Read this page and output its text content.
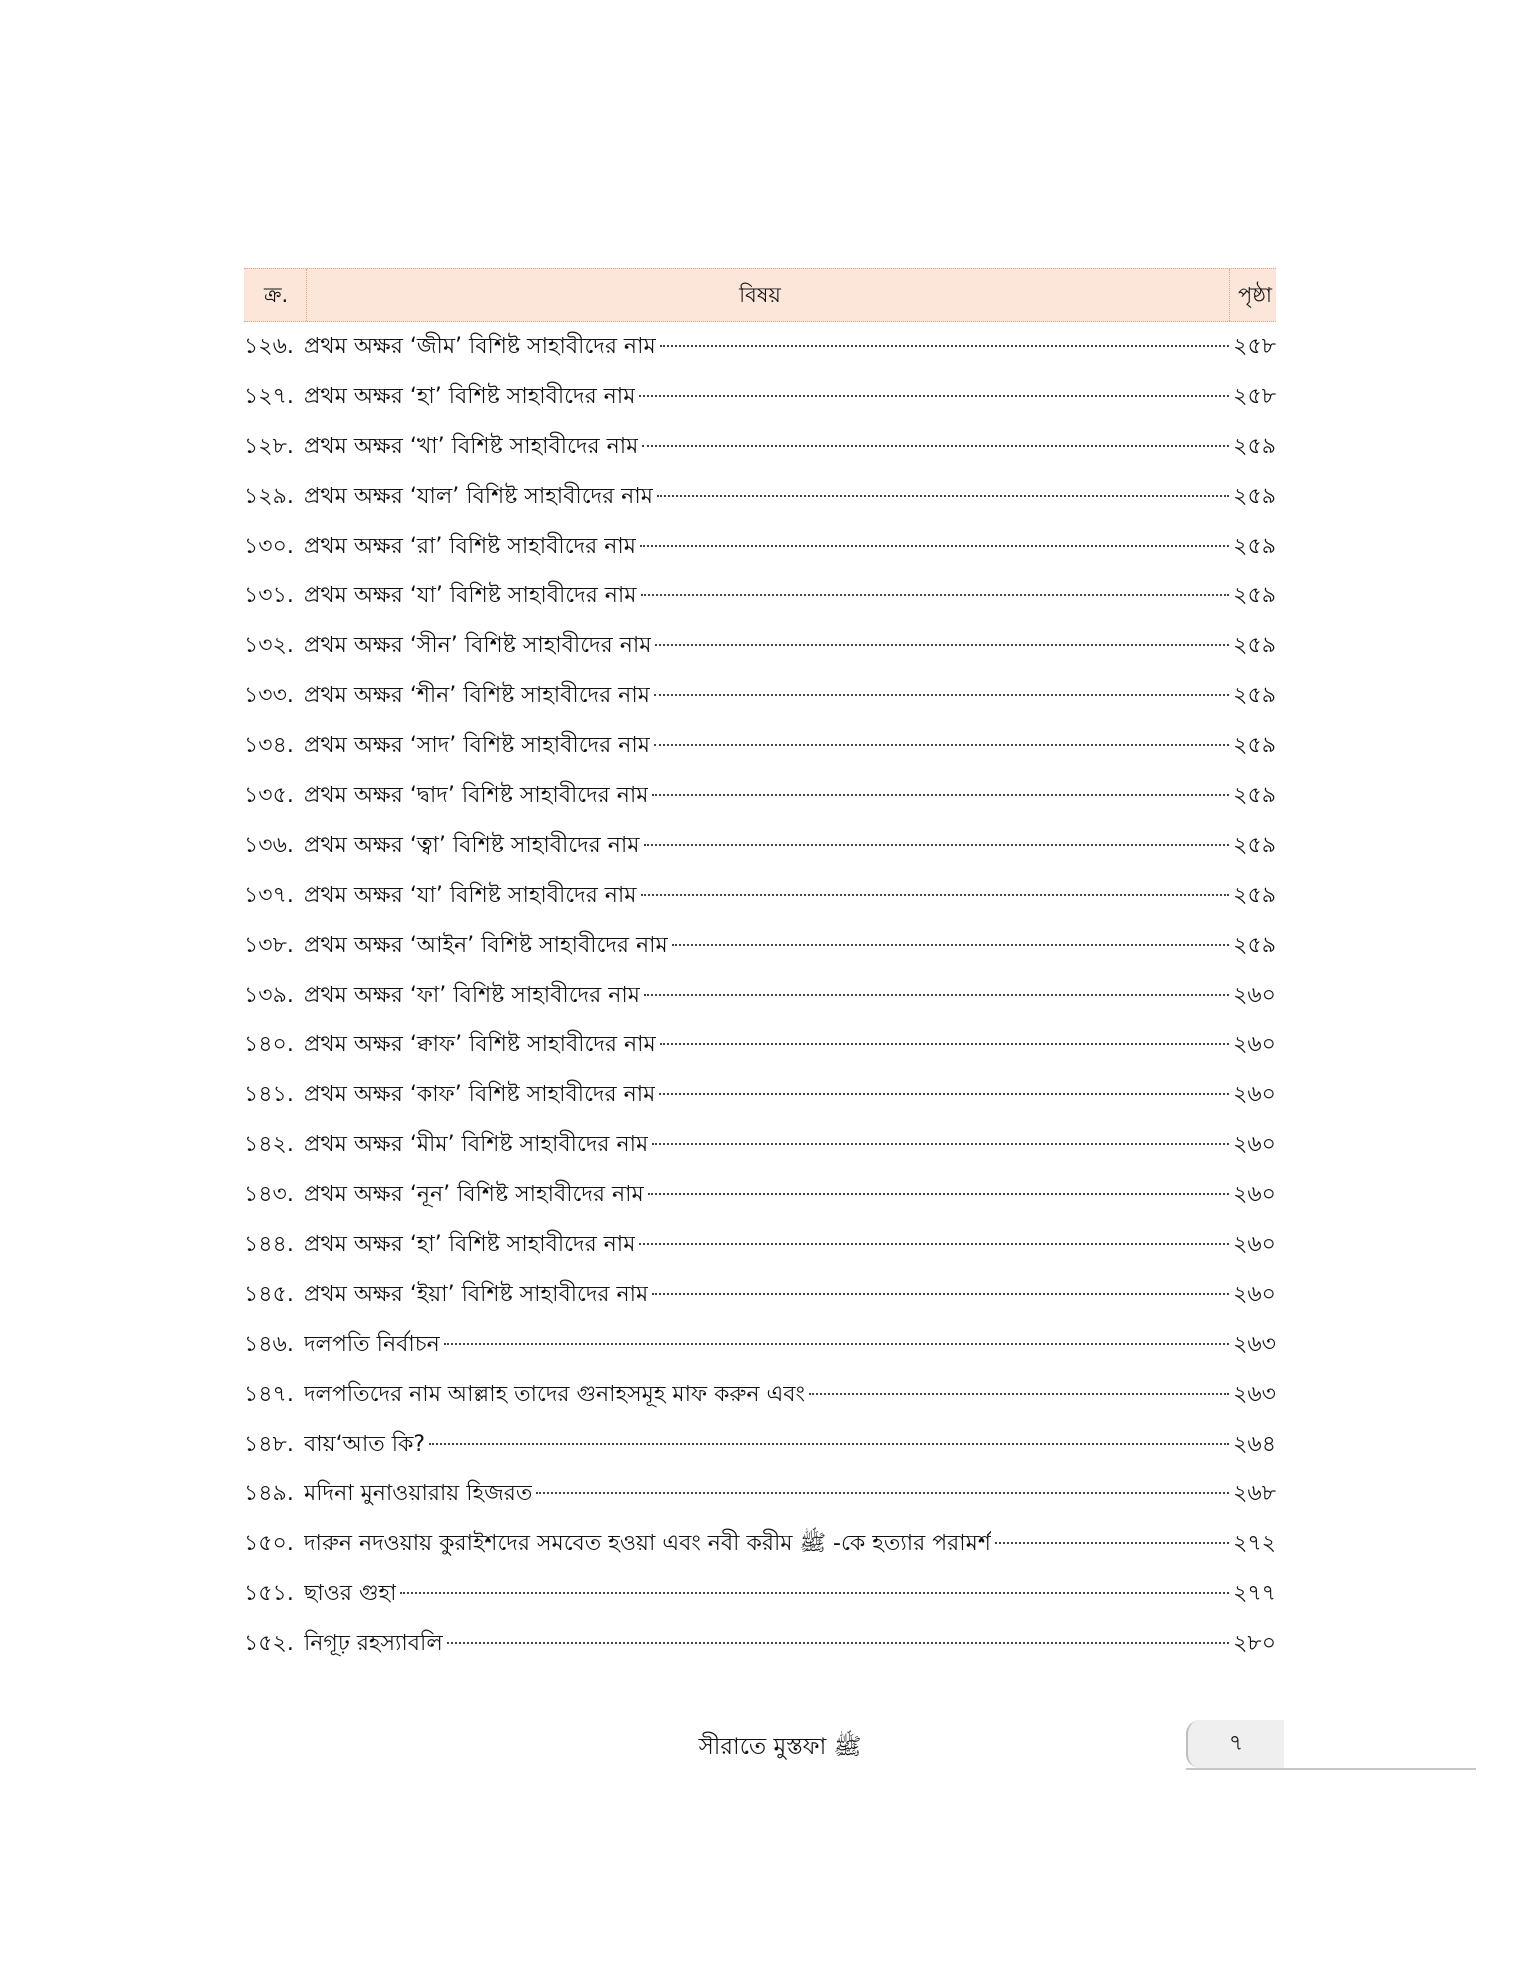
ক্র.	বিষয়	পৃষ্ঠা
১২৬. প্রথম অক্ষর ‘জীম’ বিশিষ্ট সাহাবীদের নাম	২৫৮
১২৭. প্রথম অক্ষর ‘হা’ বিশিষ্ট সাহাবীদের নাম	২৫৮
১২৮. প্রথম অক্ষর ‘খা’ বিশিষ্ট সাহাবীদের নাম	২৫৯
১২৯. প্রথম অক্ষর ‘যাল’ বিশিষ্ট সাহাবীদের নাম	২৫৯
১৩০. প্রথম অক্ষর ‘রা’ বিশিষ্ট সাহাবীদের নাম	২৫৯
১৩১. প্রথম অক্ষর ‘যা’ বিশিষ্ট সাহাবীদের নাম	২৫৯
১৩২. প্রথম অক্ষর ‘সীন’ বিশিষ্ট সাহাবীদের নাম	২৫৯
১৩৩. প্রথম অক্ষর ‘শীন’ বিশিষ্ট সাহাবীদের নাম	২৫৯
১৩৪. প্রথম অক্ষর ‘সাদ’ বিশিষ্ট সাহাবীদের নাম	২৫৯
১৩৫. প্রথম অক্ষর ‘দ্বাদ’ বিশিষ্ট সাহাবীদের নাম	২৫৯
১৩৬. প্রথম অক্ষর ‘ত্বা’ বিশিষ্ট সাহাবীদের নাম	২৫৯
১৩৭. প্রথম অক্ষর ‘যা’ বিশিষ্ট সাহাবীদের নাম	২৫৯
১৩৮. প্রথম অক্ষর ‘আইন’ বিশিষ্ট সাহাবীদের নাম	২৫৯
১৩৯. প্রথম অক্ষর ‘ফা’ বিশিষ্ট সাহাবীদের নাম	২৬০
১৪০. প্রথম অক্ষর ‘ক্বাফ’ বিশিষ্ট সাহাবীদের নাম	২৬০
১৪১. প্রথম অক্ষর ‘কাফ’ বিশিষ্ট সাহাবীদের নাম	২৬০
১৪২. প্রথম অক্ষর ‘মীম’ বিশিষ্ট সাহাবীদের নাম	২৬০
১৪৩. প্রথম অক্ষর ‘নূন’ বিশিষ্ট সাহাবীদের নাম	২৬০
১৪৪. প্রথম অক্ষর ‘হা’ বিশিষ্ট সাহাবীদের নাম	২৬০
১৪৫. প্রথম অক্ষর ‘ইয়া’ বিশিষ্ট সাহাবীদের নাম	২৬০
১৪৬. দলপতি নির্বাচন	২৬৩
১৪৭. দলপতিদের নাম আল্লাহ তাদের গুনাহসমূহ মাফ করুন এবং	২৬৩
১৪৮. বায়‘আত কি?	২৬৪
১৪৯. মদিনা মুনাওয়ারায় হিজরত	২৬৮
১৫০. দারুন নদওয়ায় কুরাইশদের সমবেত হওয়া এবং নবী করীম ﷺ -কে হত্যার পরামর্শ	২৭২
১৫১. ছাওর গুহা	২৭৭
১৫২. নিগূঢ় রহস্যাবলি	২৮০
সীরাতে মুস্তফা ﷺ	৭
